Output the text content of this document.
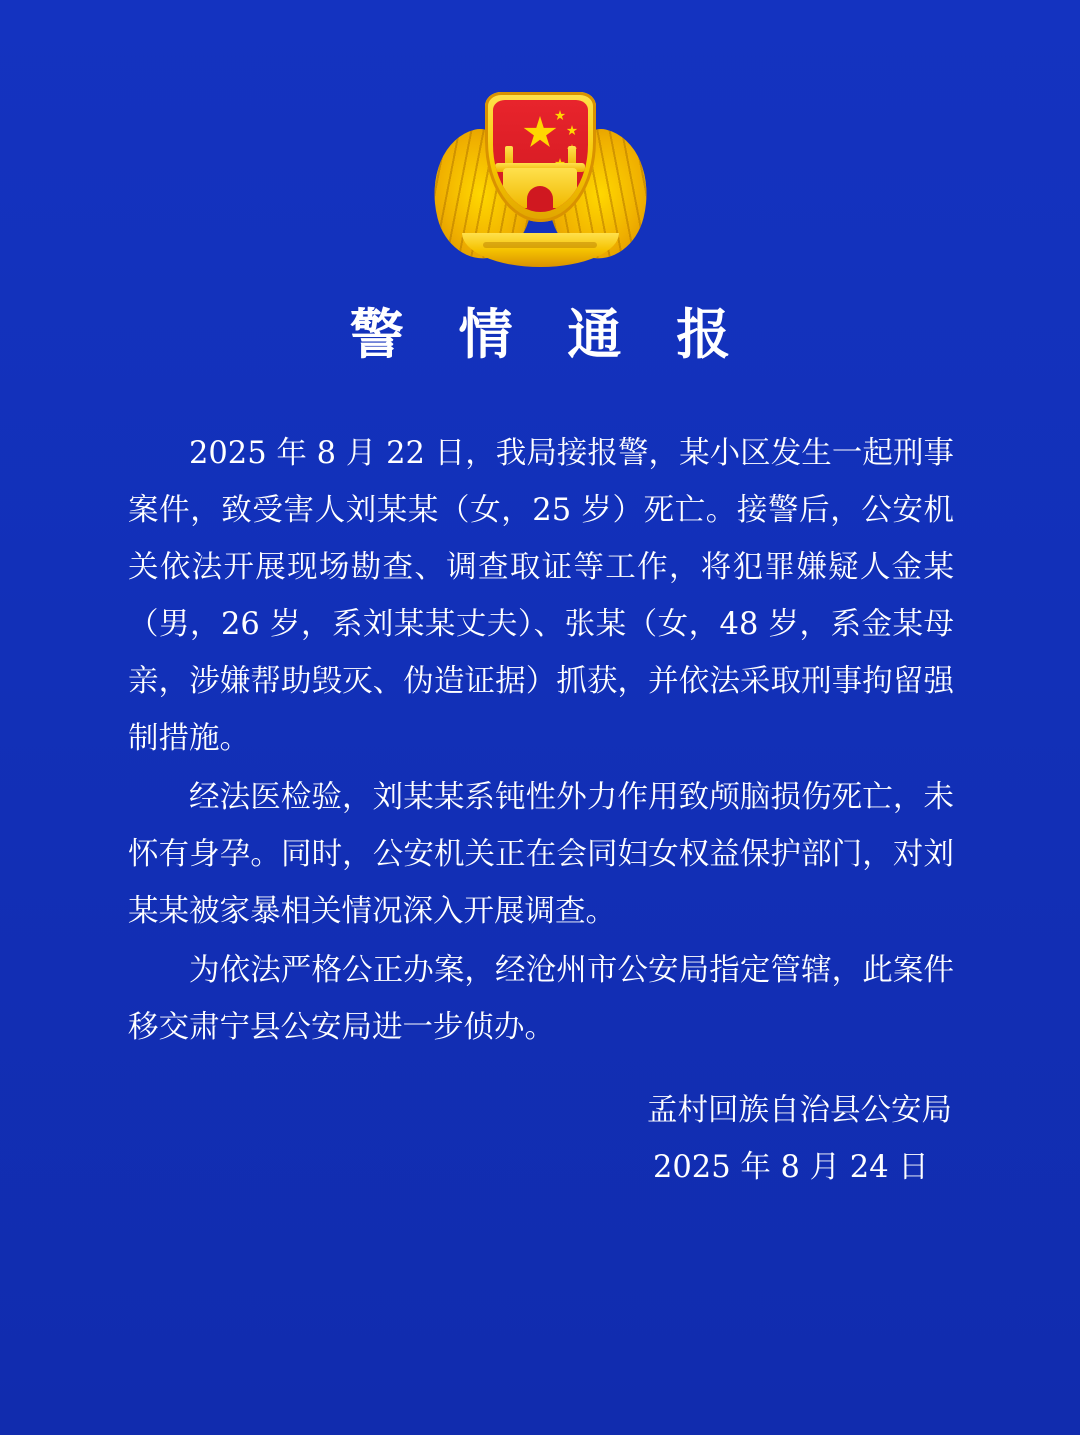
警 情 通 报

2025 年 8 月 22 日，我局接报警，某小区发生一起刑事案件，致受害人刘某某（女，25 岁）死亡。接警后，公安机关依法开展现场勘查、调查取证等工作，将犯罪嫌疑人金某（男，26 岁，系刘某某丈夫）、张某（女，48 岁，系金某母亲，涉嫌帮助毁灭、伪造证据）抓获，并依法采取刑事拘留强制措施。

经法医检验，刘某某系钝性外力作用致颅脑损伤死亡，未怀有身孕。同时，公安机关正在会同妇女权益保护部门，对刘某某被家暴相关情况深入开展调查。

为依法严格公正办案，经沧州市公安局指定管辖，此案件移交肃宁县公安局进一步侦办。

孟村回族自治县公安局
2025 年 8 月 24 日
